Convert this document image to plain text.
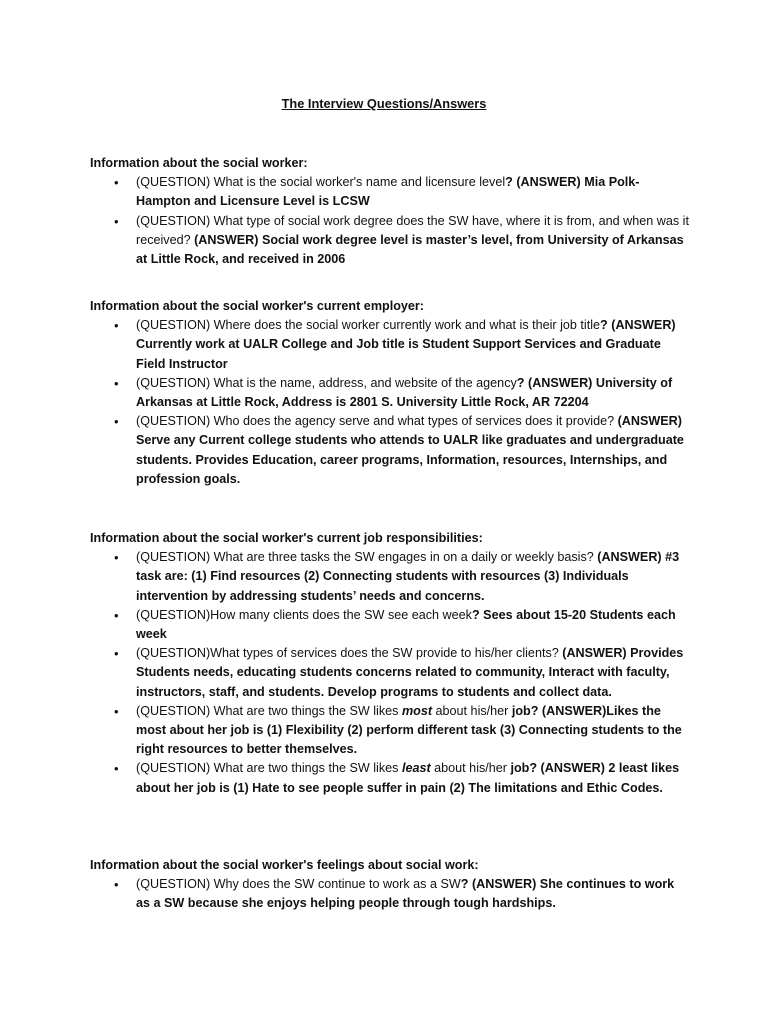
The Interview Questions/Answers

Information about the social worker:

• (QUESTION) What is the social worker's name and licensure level? (ANSWER) Mia Polk-Hampton and Licensure Level is LCSW
• (QUESTION) What type of social work degree does the SW have, where it is from, and when was it received? (ANSWER) Social work degree level is master’s level, from University of Arkansas at Little Rock, and received in 2006

Information about the social worker's current employer:

• (QUESTION) Where does the social worker currently work and what is their job title? (ANSWER) Currently work at UALR College and Job title is Student Support Services and Graduate Field Instructor
• (QUESTION) What is the name, address, and website of the agency? (ANSWER) University of Arkansas at Little Rock, Address is 2801 S. University Little Rock, AR 72204
• (QUESTION) Who does the agency serve and what types of services does it provide? (ANSWER) Serve any Current college students who attends to UALR like graduates and undergraduate students. Provides Education, career programs, Information, resources, Internships, and profession goals.

Information about the social worker's current job responsibilities:

• (QUESTION) What are three tasks the SW engages in on a daily or weekly basis? (ANSWER) #3 task are: (1) Find resources (2) Connecting students with resources (3) Individuals intervention by addressing students’ needs and concerns.
• (QUESTION)How many clients does the SW see each week? Sees about 15-20 Students each week
• (QUESTION)What types of services does the SW provide to his/her clients? (ANSWER) Provides Students needs, educating students concerns related to community, Interact with faculty, instructors, staff, and students. Develop programs to students and collect data.
• (QUESTION) What are two things the SW likes most about his/her job? (ANSWER)Likes the most about her job is (1) Flexibility (2) perform different task (3) Connecting students to the right resources to better themselves.
• (QUESTION) What are two things the SW likes least about his/her job? (ANSWER) 2 least likes about her job is (1) Hate to see people suffer in pain (2) The limitations and Ethic Codes.

Information about the social worker's feelings about social work:

• (QUESTION) Why does the SW continue to work as a SW? (ANSWER) She continues to work as a SW because she enjoys helping people through tough hardships.
